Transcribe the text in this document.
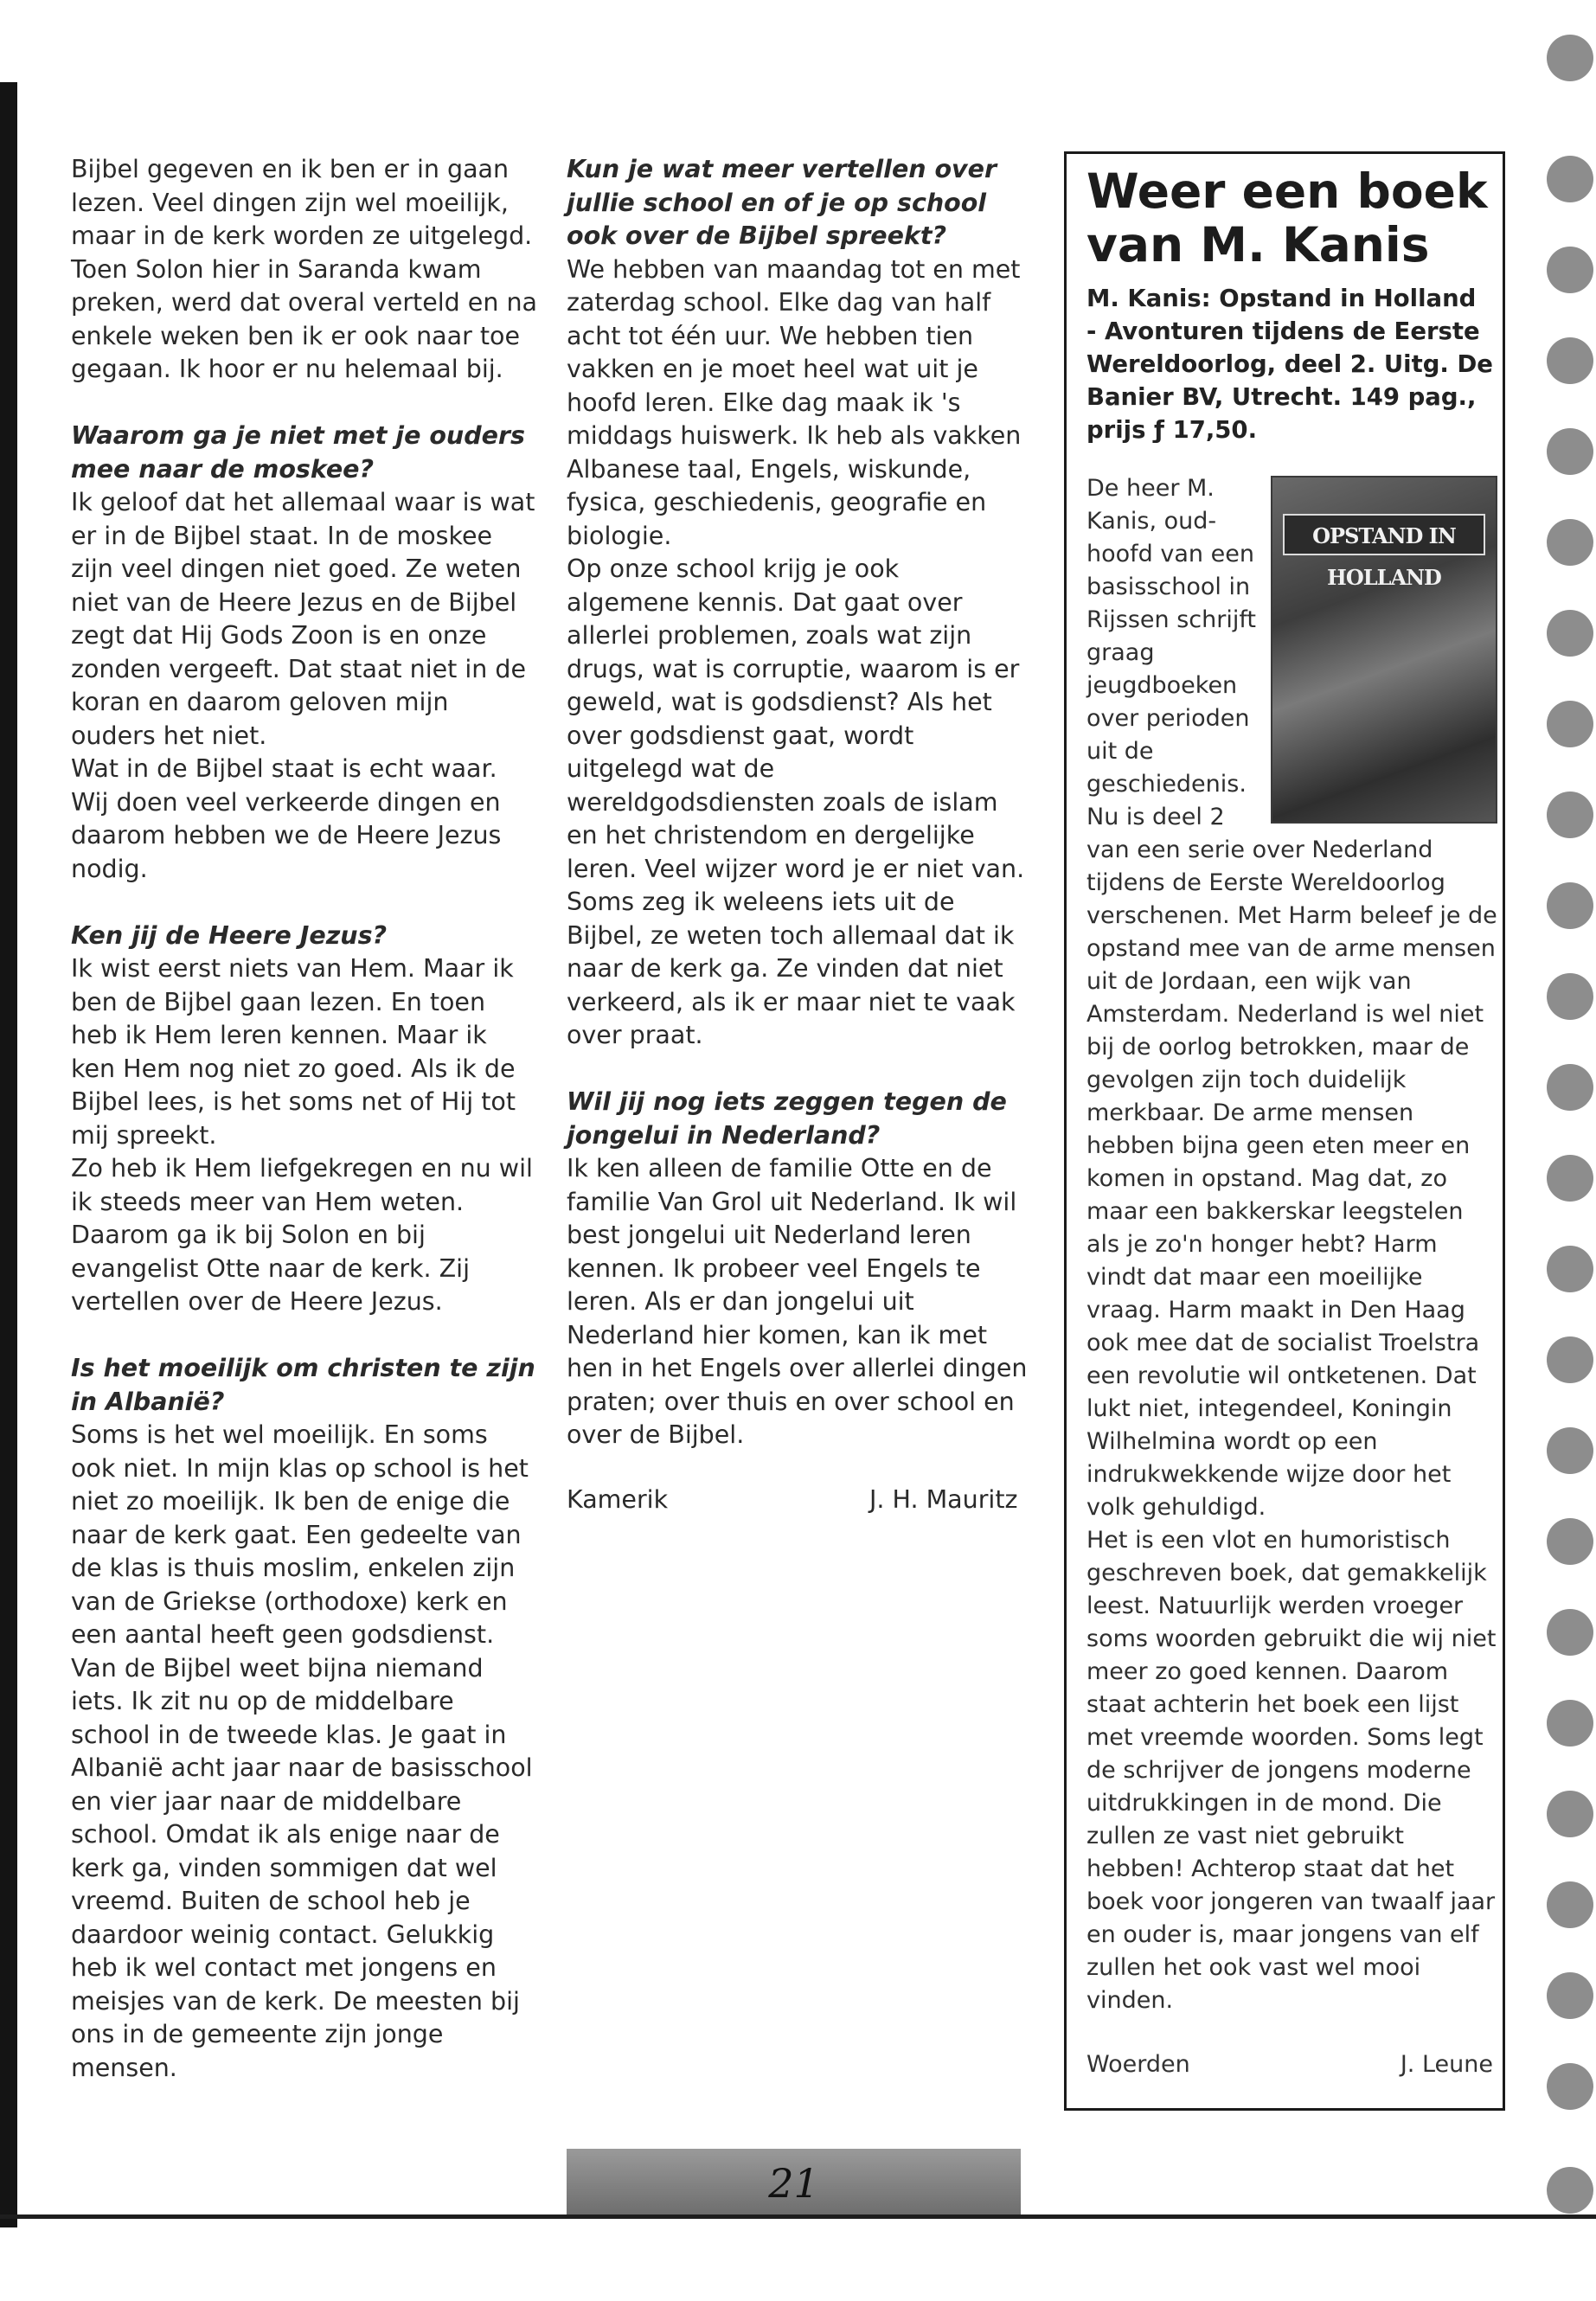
Bijbel gegeven en ik ben er in gaan lezen. Veel dingen zijn wel moeilijk, maar in de kerk worden ze uitgelegd. Toen Solon hier in Saranda kwam preken, werd dat overal verteld en na enkele weken ben ik er ook naar toe gegaan. Ik hoor er nu helemaal bij.

Waarom ga je niet met je ouders mee naar de moskee?
Ik geloof dat het allemaal waar is wat er in de Bijbel staat. In de moskee zijn veel dingen niet goed. Ze weten niet van de Heere Jezus en de Bijbel zegt dat Hij Gods Zoon is en onze zonden vergeeft. Dat staat niet in de koran en daarom geloven mijn ouders het niet.
Wat in de Bijbel staat is echt waar. Wij doen veel verkeerde dingen en daarom hebben we de Heere Jezus nodig.

Ken jij de Heere Jezus?
Ik wist eerst niets van Hem. Maar ik ben de Bijbel gaan lezen. En toen heb ik Hem leren kennen. Maar ik ken Hem nog niet zo goed. Als ik de Bijbel lees, is het soms net of Hij tot mij spreekt.
Zo heb ik Hem liefgekregen en nu wil ik steeds meer van Hem weten. Daarom ga ik bij Solon en bij evangelist Otte naar de kerk. Zij vertellen over de Heere Jezus.

Is het moeilijk om christen te zijn in Albanië?
Soms is het wel moeilijk. En soms ook niet. In mijn klas op school is het niet zo moeilijk. Ik ben de enige die naar de kerk gaat. Een gedeelte van de klas is thuis moslim, enkelen zijn van de Griekse (orthodoxe) kerk en een aantal heeft geen godsdienst. Van de Bijbel weet bijna niemand iets. Ik zit nu op de middelbare school in de tweede klas. Je gaat in Albanië acht jaar naar de basisschool en vier jaar naar de middelbare school. Omdat ik als enige naar de kerk ga, vinden sommigen dat wel vreemd. Buiten de school heb je daardoor weinig contact. Gelukkig heb ik wel contact met jongens en meisjes van de kerk. De meesten bij ons in de gemeente zijn jonge mensen.

Kun je wat meer vertellen over jullie school en of je op school ook over de Bijbel spreekt?
We hebben van maandag tot en met zaterdag school. Elke dag van half acht tot één uur. We hebben tien vakken en je moet heel wat uit je hoofd leren. Elke dag maak ik 's middags huiswerk. Ik heb als vakken Albanese taal, Engels, wiskunde, fysica, geschiedenis, geografie en biologie.
Op onze school krijg je ook algemene kennis. Dat gaat over allerlei problemen, zoals wat zijn drugs, wat is corruptie, waarom is er geweld, wat is godsdienst? Als het over godsdienst gaat, wordt uitgelegd wat de wereldgodsdiensten zoals de islam en het christendom en dergelijke leren. Veel wijzer word je er niet van. Soms zeg ik weleens iets uit de Bijbel, ze weten toch allemaal dat ik naar de kerk ga. Ze vinden dat niet verkeerd, als ik er maar niet te vaak over praat.

Wil jij nog iets zeggen tegen de jongelui in Nederland?
Ik ken alleen de familie Otte en de familie Van Grol uit Nederland. Ik wil best jongelui uit Nederland leren kennen. Ik probeer veel Engels te leren. Als er dan jongelui uit Nederland hier komen, kan ik met hen in het Engels over allerlei dingen praten; over thuis en over school en over de Bijbel.

Kamerik	J. H. Mauritz
Weer een boek van M. Kanis
M. Kanis: Opstand in Holland - Avonturen tijdens de Eerste Wereldoorlog, deel 2. Uitg. De Banier BV, Utrecht. 149 pag., prijs ƒ 17,50.
OPSTAND IN HOLLAND

De heer M. Kanis, oud-hoofd van een basisschool in Rijssen schrijft graag jeugdboeken over perioden uit de geschiedenis. Nu is deel 2 van een serie over Nederland tijdens de Eerste Wereldoorlog verschenen. Met Harm beleef je de opstand mee van de arme mensen uit de Jordaan, een wijk van Amsterdam. Nederland is wel niet bij de oorlog betrokken, maar de gevolgen zijn toch duidelijk merkbaar. De arme mensen hebben bijna geen eten meer en komen in opstand. Mag dat, zo maar een bakkerskar leegstelen als je zo'n honger hebt? Harm vindt dat maar een moeilijke vraag. Harm maakt in Den Haag ook mee dat de socialist Troelstra een revolutie wil ontketenen. Dat lukt niet, integendeel, Koningin Wilhelmina wordt op een indrukwekkende wijze door het volk gehuldigd.

Het is een vlot en humoristisch geschreven boek, dat gemakkelijk leest. Natuurlijk werden vroeger soms woorden gebruikt die wij niet meer zo goed kennen. Daarom staat achterin het boek een lijst met vreemde woorden. Soms legt de schrijver de jongens moderne uitdrukkingen in de mond. Die zullen ze vast niet gebruikt hebben! Achterop staat dat het boek voor jongeren van twaalf jaar en ouder is, maar jongens van elf zullen het ook vast wel mooi vinden.

Woerden	J. Leune
21
